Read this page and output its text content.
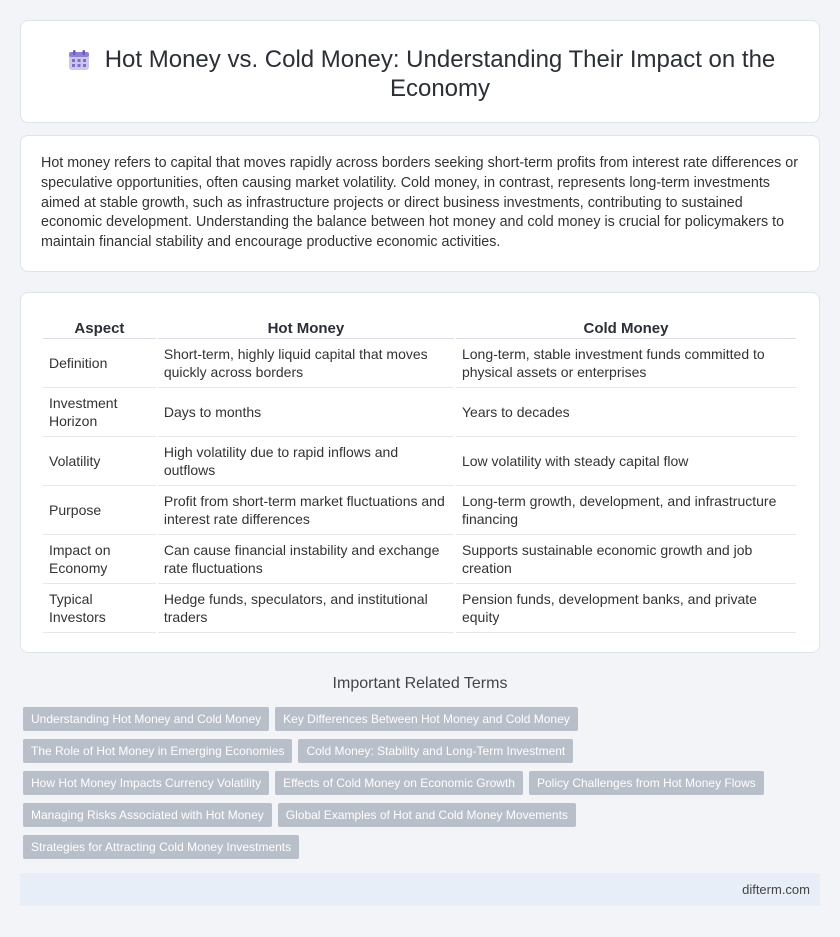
Hot Money vs. Cold Money: Understanding Their Impact on the Economy

Hot money refers to capital that moves rapidly across borders seeking short-term profits from interest rate differences or speculative opportunities, often causing market volatility. Cold money, in contrast, represents long-term investments aimed at stable growth, such as infrastructure projects or direct business investments, contributing to sustained economic development. Understanding the balance between hot money and cold money is crucial for policymakers to maintain financial stability and encourage productive economic activities.

Aspect	Hot Money	Cold Money
Definition	Short-term, highly liquid capital that moves quickly across borders	Long-term, stable investment funds committed to physical assets or enterprises
Investment Horizon	Days to months	Years to decades
Volatility	High volatility due to rapid inflows and outflows	Low volatility with steady capital flow
Purpose	Profit from short-term market fluctuations and interest rate differences	Long-term growth, development, and infrastructure financing
Impact on Economy	Can cause financial instability and exchange rate fluctuations	Supports sustainable economic growth and job creation
Typical Investors	Hedge funds, speculators, and institutional traders	Pension funds, development banks, and private equity
Important Related Terms
Understanding Hot Money and Cold Money	Key Differences Between Hot Money and Cold Money
The Role of Hot Money in Emerging Economies	Cold Money: Stability and Long-Term Investment
How Hot Money Impacts Currency Volatility	Effects of Cold Money on Economic Growth	Policy Challenges from Hot Money Flows
Managing Risks Associated with Hot Money	Global Examples of Hot and Cold Money Movements
Strategies for Attracting Cold Money Investments
difterm.com
